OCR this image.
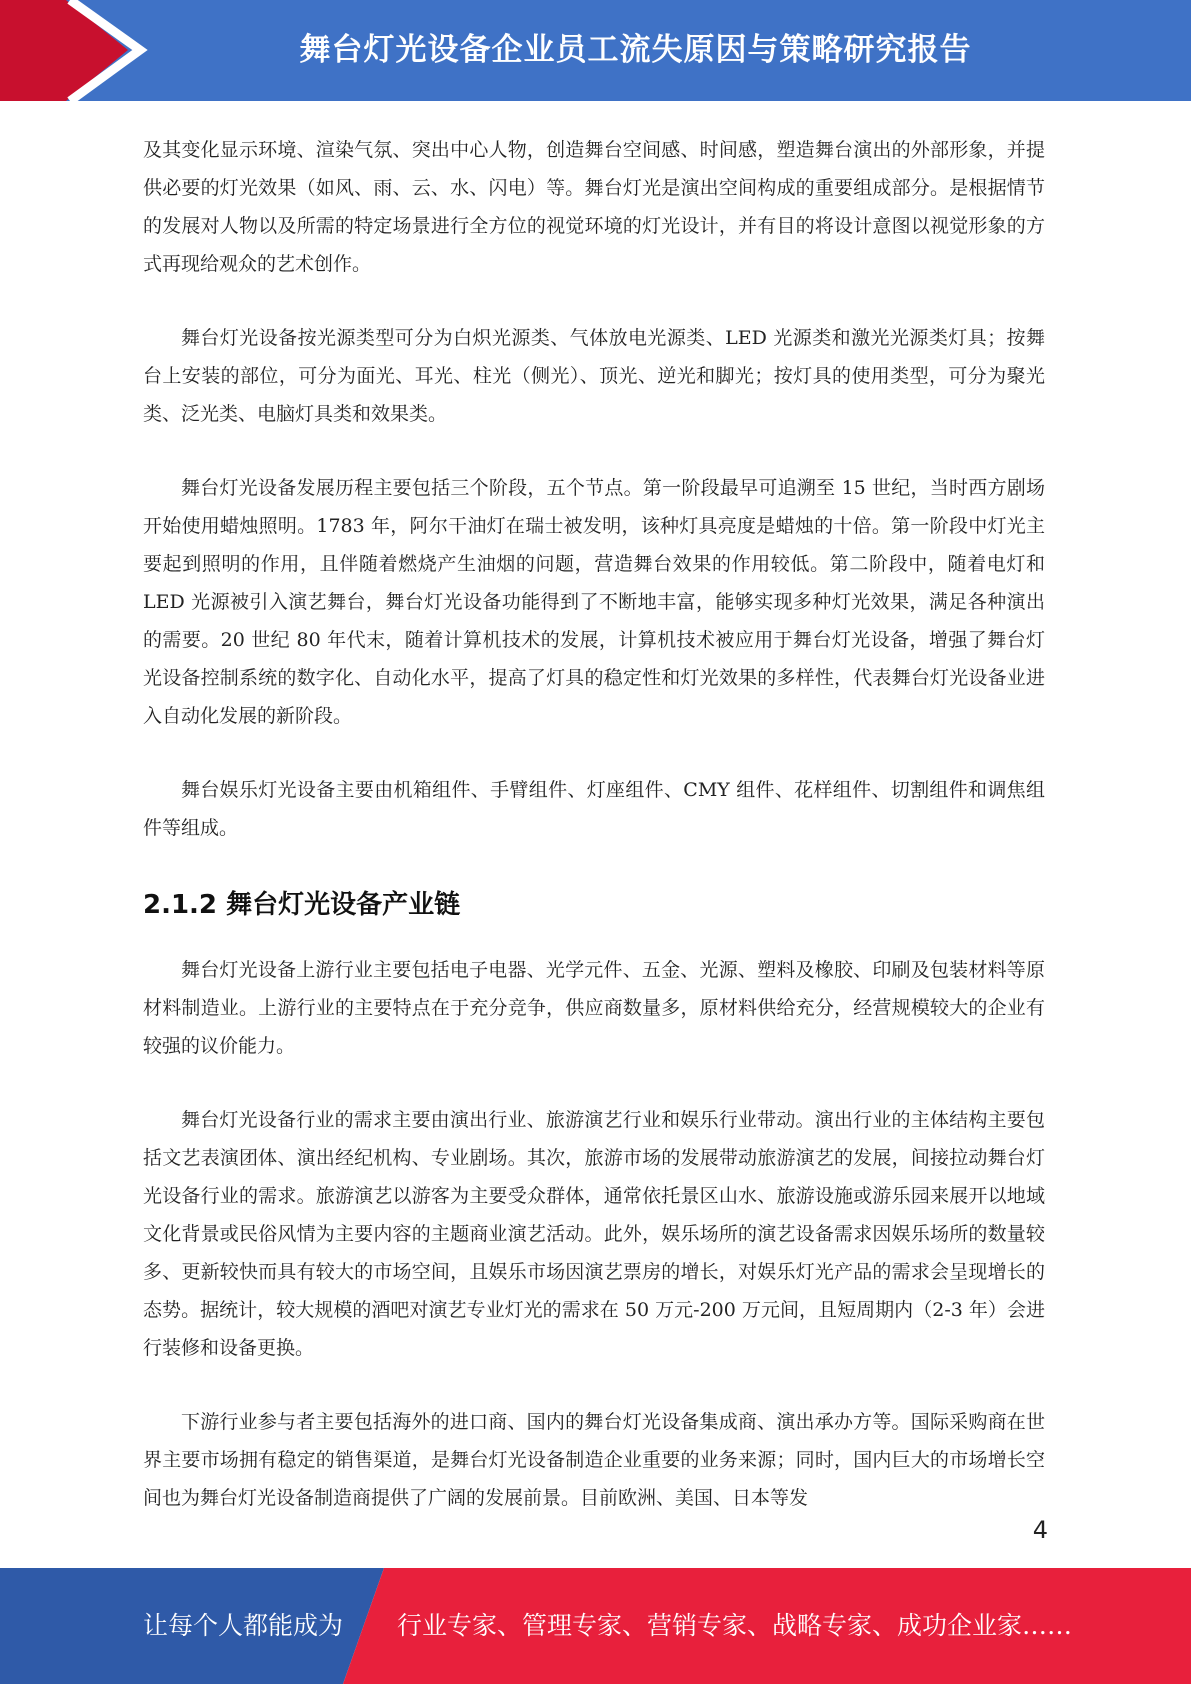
舞台灯光设备企业员工流失原因与策略研究报告

及其变化显示环境、渲染气氛、突出中心人物，创造舞台空间感、时间感，塑造舞台演出的外部形象，并提供必要的灯光效果（如风、雨、云、水、闪电）等。舞台灯光是演出空间构成的重要组成部分。是根据情节的发展对人物以及所需的特定场景进行全方位的视觉环境的灯光设计，并有目的将设计意图以视觉形象的方式再现给观众的艺术创作。

舞台灯光设备按光源类型可分为白炽光源类、气体放电光源类、LED 光源类和激光光源类灯具；按舞台上安装的部位，可分为面光、耳光、柱光（侧光）、顶光、逆光和脚光；按灯具的使用类型，可分为聚光类、泛光类、电脑灯具类和效果类。

舞台灯光设备发展历程主要包括三个阶段，五个节点。第一阶段最早可追溯至 15 世纪，当时西方剧场开始使用蜡烛照明。1783 年，阿尔干油灯在瑞士被发明，该种灯具亮度是蜡烛的十倍。第一阶段中灯光主要起到照明的作用，且伴随着燃烧产生油烟的问题，营造舞台效果的作用较低。第二阶段中，随着电灯和 LED 光源被引入演艺舞台，舞台灯光设备功能得到了不断地丰富，能够实现多种灯光效果，满足各种演出的需要。20 世纪 80 年代末，随着计算机技术的发展，计算机技术被应用于舞台灯光设备，增强了舞台灯光设备控制系统的数字化、自动化水平，提高了灯具的稳定性和灯光效果的多样性，代表舞台灯光设备业进入自动化发展的新阶段。

舞台娱乐灯光设备主要由机箱组件、手臂组件、灯座组件、CMY 组件、花样组件、切割组件和调焦组件等组成。

2.1.2 舞台灯光设备产业链

舞台灯光设备上游行业主要包括电子电器、光学元件、五金、光源、塑料及橡胶、印刷及包装材料等原材料制造业。上游行业的主要特点在于充分竞争，供应商数量多，原材料供给充分，经营规模较大的企业有较强的议价能力。

舞台灯光设备行业的需求主要由演出行业、旅游演艺行业和娱乐行业带动。演出行业的主体结构主要包括文艺表演团体、演出经纪机构、专业剧场。其次，旅游市场的发展带动旅游演艺的发展，间接拉动舞台灯光设备行业的需求。旅游演艺以游客为主要受众群体，通常依托景区山水、旅游设施或游乐园来展开以地域文化背景或民俗风情为主要内容的主题商业演艺活动。此外，娱乐场所的演艺设备需求因娱乐场所的数量较多、更新较快而具有较大的市场空间，且娱乐市场因演艺票房的增长，对娱乐灯光产品的需求会呈现增长的态势。据统计，较大规模的酒吧对演艺专业灯光的需求在 50 万元-200 万元间，且短周期内（2-3 年）会进行装修和设备更换。

下游行业参与者主要包括海外的进口商、国内的舞台灯光设备集成商、演出承办方等。国际采购商在世界主要市场拥有稳定的销售渠道，是舞台灯光设备制造企业重要的业务来源；同时，国内巨大的市场增长空间也为舞台灯光设备制造商提供了广阔的发展前景。目前欧洲、美国、日本等发

4
让每个人都能成为 行业专家、管理专家、营销专家、战略专家、成功企业家……
